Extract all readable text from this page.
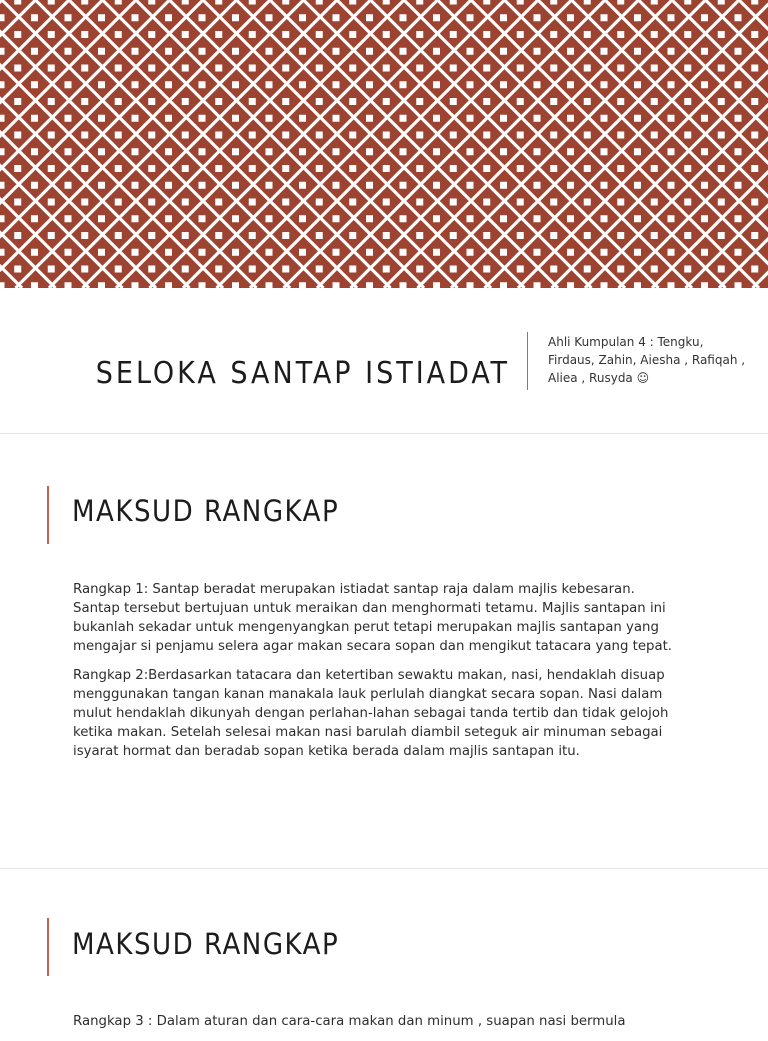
SELOKA SANTAP ISTIADAT
Ahli Kumpulan 4 : Tengku, Firdaus, Zahin, Aiesha , Rafiqah , Aliea , Rusyda ☺
MAKSUD RANGKAP

Rangkap 1: Santap beradat merupakan istiadat santap raja dalam majlis kebesaran. Santap tersebut bertujuan untuk meraikan dan menghormati tetamu. Majlis santapan ini bukanlah sekadar untuk mengenyangkan perut tetapi merupakan majlis santapan yang mengajar si penjamu selera agar makan secara sopan dan mengikut tatacara yang tepat.

Rangkap 2:Berdasarkan tatacara dan ketertiban sewaktu makan, nasi, hendaklah disuap menggunakan tangan kanan manakala lauk perlulah diangkat secara sopan. Nasi dalam mulut hendaklah dikunyah dengan perlahan-lahan sebagai tanda tertib dan tidak gelojoh ketika makan. Setelah selesai makan nasi barulah diambil seteguk air minuman sebagai isyarat hormat dan beradab sopan ketika berada dalam majlis santapan itu.

MAKSUD RANGKAP

Rangkap 3 : Dalam aturan dan cara-cara makan dan minum , suapan nasi bermula
